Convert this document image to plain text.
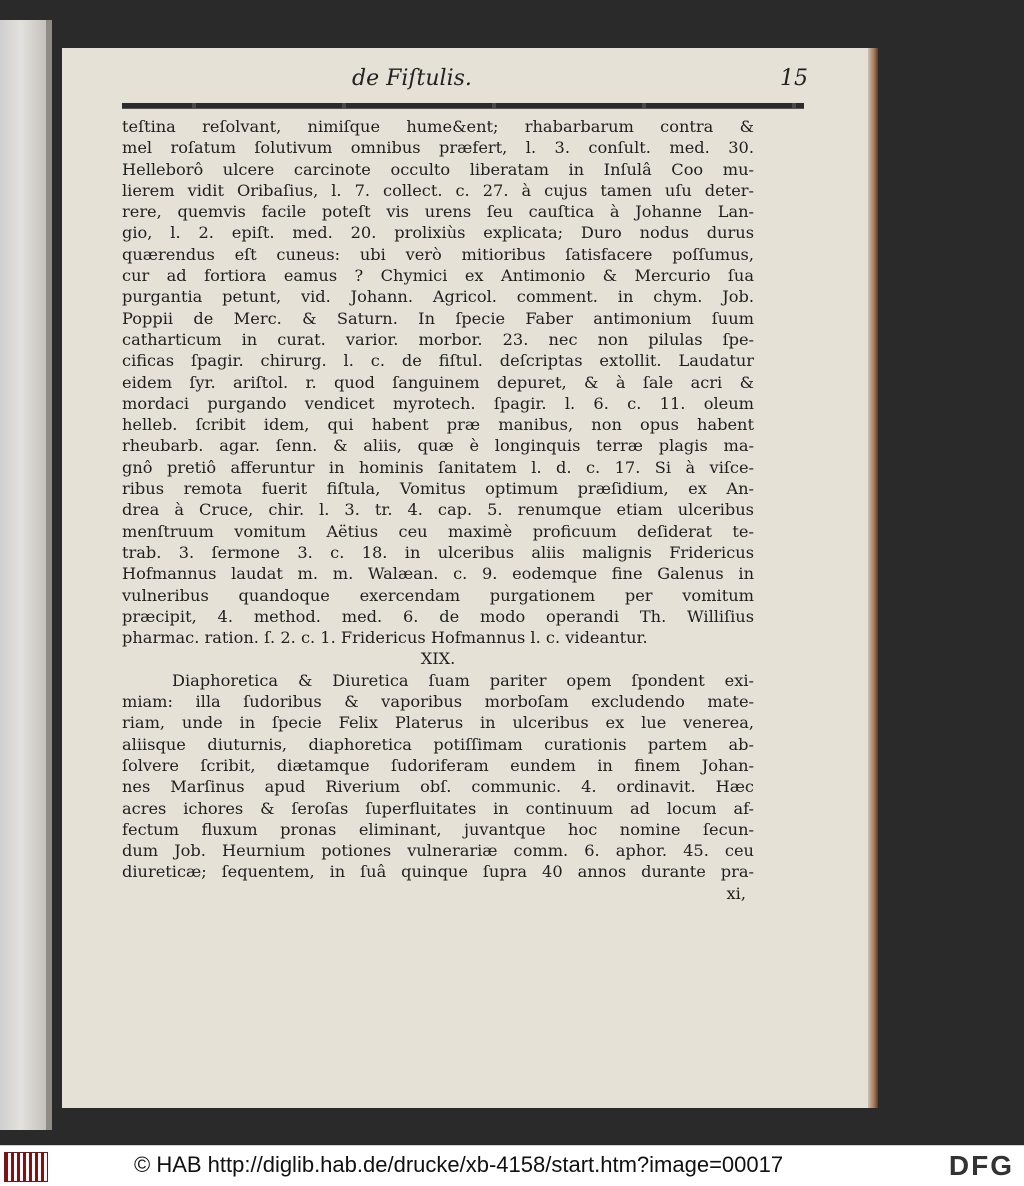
de Fiſtulis.	15
teſtina reſolvant, nimiſque hume&ent; rhabarbarum contra &
mel roſatum ſolutivum omnibus præfert, l. 3. conſult. med. 30.
Helleborô ulcere carcinote occulto liberatam in Inſulâ Coo mu-
lierem vidit Oribaſius, l. 7. collect. c. 27. à cujus tamen uſu deter-
rere, quemvis facile poteſt vis urens ſeu cauſtica à Johanne Lan-
gio, l. 2. epiſt. med. 20. prolixiùs explicata; Duro nodus durus
quærendus eſt cuneus: ubi verò mitioribus ſatisfacere poſſumus,
cur ad fortiora eamus ? Chymici ex Antimonio & Mercurio ſua
purgantia petunt, vid. Johann. Agricol. comment. in chym. Job.
Poppii de Merc. & Saturn. In ſpecie Faber antimonium ſuum
catharticum in curat. varior. morbor. 23. nec non pilulas ſpe-
cificas ſpagir. chirurg. l. c. de fiſtul. deſcriptas extollit. Laudatur
eidem ſyr. ariſtol. r. quod ſanguinem depuret, & à ſale acri &
mordaci purgando vendicet myrotech. ſpagir. l. 6. c. 11. oleum
helleb. ſcribit idem, qui habent præ manibus, non opus habent
rheubarb. agar. ſenn. & aliis, quæ è longinquis terræ plagis ma-
gnô pretiô afferuntur in hominis ſanitatem l. d. c. 17. Si à viſce-
ribus remota fuerit fiſtula, Vomitus optimum præſidium, ex An-
drea à Cruce, chir. l. 3. tr. 4. cap. 5. renumque etiam ulceribus
menſtruum vomitum Aëtius ceu maximè proficuum deſiderat te-
trab. 3. ſermone 3. c. 18. in ulceribus aliis malignis Fridericus
Hofmannus laudat m. m. Walæan. c. 9. eodemque fine Galenus in
vulneribus quandoque exercendam purgationem per vomitum
præcipit, 4. method. med. 6. de modo operandi Th. Williſius
pharmac. ration. ſ. 2. c. 1. Fridericus Hofmannus l. c. videantur.
XIX.
Diaphoretica & Diuretica ſuam pariter opem ſpondent exi-
miam: illa ſudoribus & vaporibus morboſam excludendo mate-
riam, unde in ſpecie Felix Platerus in ulceribus ex lue venerea,
aliisque diuturnis, diaphoretica potiſſimam curationis partem ab-
ſolvere ſcribit, diætamque ſudoriferam eundem in finem Johan-
nes Marſinus apud Riverium obſ. communic. 4. ordinavit. Hæc
acres ichores & ſeroſas ſuperfluitates in continuum ad locum af-
fectum fluxum pronas eliminant, juvantque hoc nomine ſecun-
dum Job. Heurnium potiones vulnerariæ comm. 6. aphor. 45. ceu
diureticæ; ſequentem, in ſuâ quinque ſupra 40 annos durante pra-
xi,
© HAB http://diglib.hab.de/drucke/xb-4158/start.htm?image=00017	DFG
